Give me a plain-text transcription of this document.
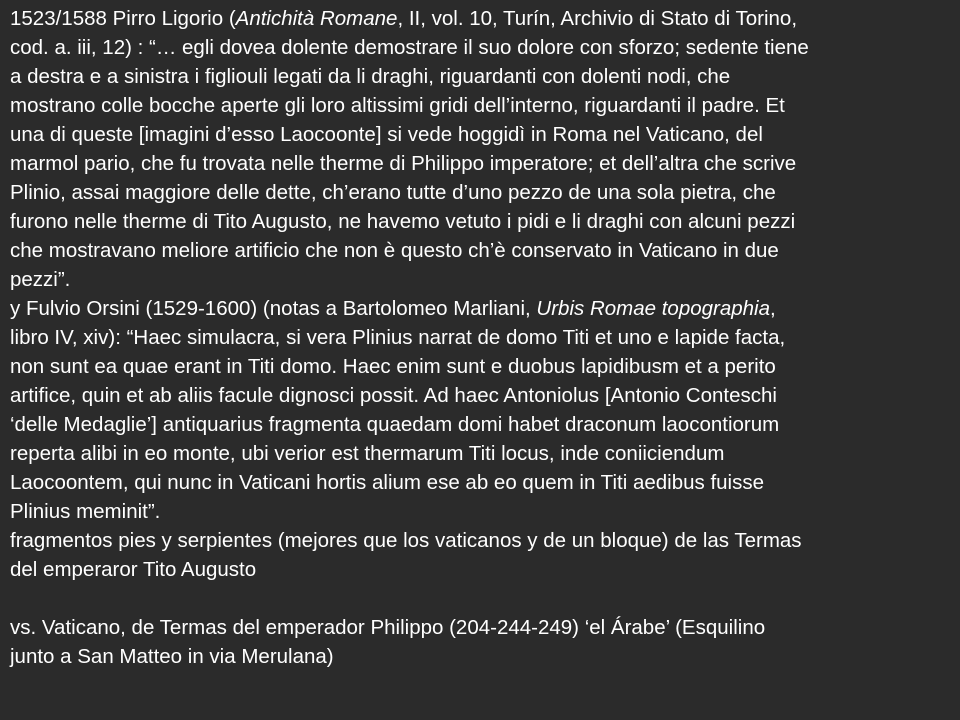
1523/1588 Pirro Ligorio (Antichità Romane, II, vol. 10, Turín, Archivio di Stato di Torino,
cod. a. iii, 12) : “… egli dovea dolente demostrare il suo dolore con sforzo; sedente tiene
a destra e a sinistra i figliouli legati da li draghi, riguardanti con dolenti nodi, che
mostrano colle bocche aperte gli loro altissimi gridi dell’interno, riguardanti il padre. Et
una di queste [imagini d’esso Laocoonte] si vede hoggidì in Roma nel Vaticano, del
marmol pario, che fu trovata nelle therme di Philippo imperatore; et dell’altra che scrive
Plinio, assai maggiore delle dette, ch’erano tutte d’uno pezzo de una sola pietra, che
furono nelle therme di Tito Augusto, ne havemo vetuto i pidi e li draghi con alcuni pezzi
che mostravano meliore artificio che non è questo ch’è conservato in Vaticano in due
pezzi”.
y Fulvio Orsini (1529-1600) (notas a Bartolomeo Marliani, Urbis Romae topographia,
libro IV, xiv): “Haec simulacra, si vera Plinius narrat de domo Titi et uno e lapide facta,
non sunt ea quae erant in Titi domo. Haec enim sunt e duobus lapidibusm et a perito
artifice, quin et ab aliis facule dignosci possit. Ad haec Antoniolus [Antonio Conteschi
‘delle Medaglie’] antiquarius fragmenta quaedam domi habet draconum laocontiorum
reperta alibi in eo monte, ubi verior est thermarum Titi locus, inde coniiciendum
Laocoontem, qui nunc in Vaticani hortis alium ese ab eo quem in Titi aedibus fuisse
Plinius meminit”.
fragmentos pies y serpientes (mejores que los vaticanos y de un bloque) de las Termas
del emperaror Tito Augusto
vs. Vaticano, de Termas del emperador Philippo (204-244-249) ‘el Árabe’ (Esquilino
junto a San Matteo in via Merulana)
